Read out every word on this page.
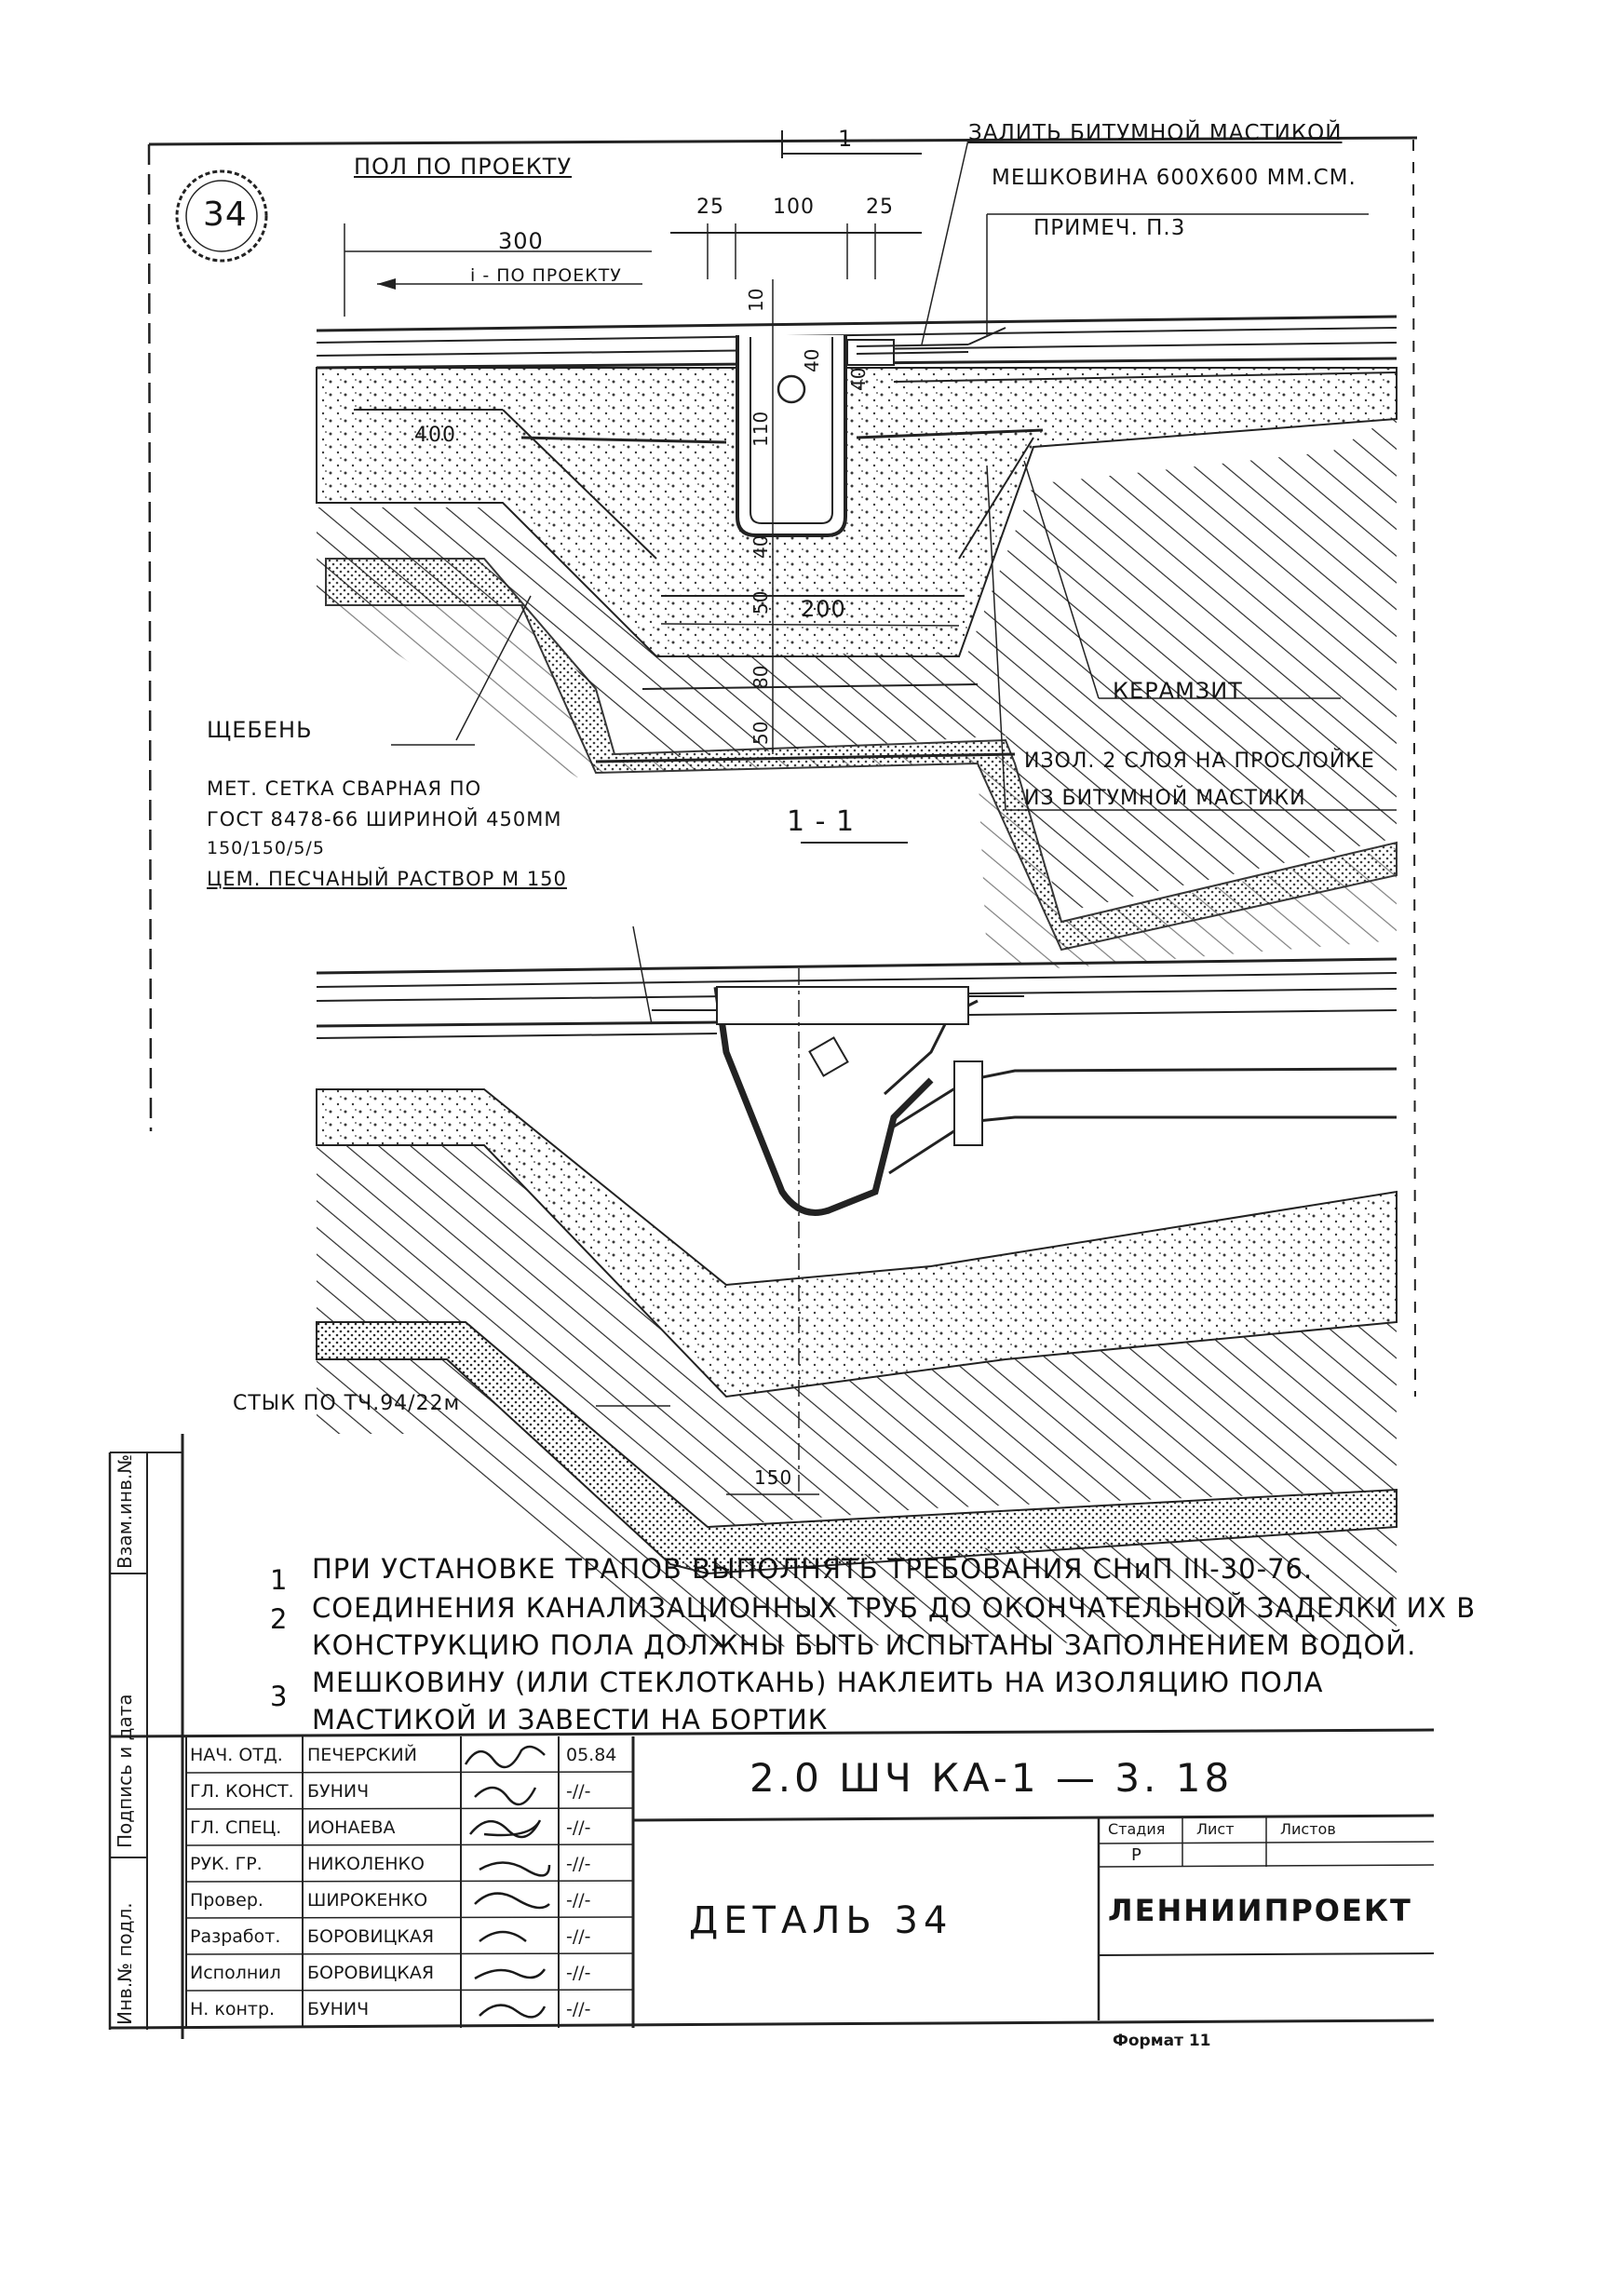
34
ПОЛ ПО ПРОЕКТУ
i - ПО ПРОЕКТУ
1	ЗАЛИТЬ БИТУМНОЙ МАСТИКОЙ
МЕШКОВИНА 600Х600 ММ.СМ.
ПРИМЕЧ. П.3
300
25 100	25
10
40
40
110
400
40
50 200
80
50
ЩЕБЕНЬ
КЕРАМЗИТ
ИЗОЛ. 2 СЛОЯ НА ПРОСЛОЙКЕ
ИЗ БИТУМНОЙ МАСТИКИ
1 - 1
МЕТ. СЕТКА СВАРНАЯ ПО
ГОСТ 8478-66 ШИРИНОЙ 450ММ
150/150/5/5
ЦЕМ. ПЕСЧАНЫЙ РАСТВОР М 150
СТЫК ПО ТЧ.94/22м
150
1 ПРИ УСТАНОВКЕ ТРАПОВ ВЫПОЛНЯТЬ ТРЕБОВАНИЯ СНиП III-30-76.
2 СОЕДИНЕНИЯ КАНАЛИЗАЦИОННЫХ ТРУБ ДО ОКОНЧАТЕЛЬНОЙ ЗАДЕЛКИ ИХ В
КОНСТРУКЦИЮ ПОЛА ДОЛЖНЫ БЫТЬ ИСПЫТАНЫ ЗАПОЛНЕНИЕМ ВОДОЙ.
3 МЕШКОВИНУ (ИЛИ СТЕКЛОТКАНЬ) НАКЛЕИТЬ НА ИЗОЛЯЦИЮ ПОЛА
МАСТИКОЙ И ЗАВЕСТИ НА БОРТИК
Взам.инв.№
Подпись и дата
Инв.№ подл.
НАЧ. ОТД. ПЕЧЕРСКИЙ	05.84
ГЛ. КОНСТ. БУНИЧ	-//-
ГЛ. СПЕЦ. ИОНАЕВА	-//-
РУК. ГР.	НИКОЛЕНКО	-//-
Провер. ШИРОКЕНКО	-//-
Разработ. БОРОВИЦКАЯ	-//-
Исполнил БОРОВИЦКАЯ	-//-
Н. контр. БУНИЧ	-//-
2.0 ШЧ КА-1 — 3. 18
ДЕТАЛЬ 34
Стадия Лист	Листов
Р
ЛЕННИИПРОЕКТ
Формат 11
